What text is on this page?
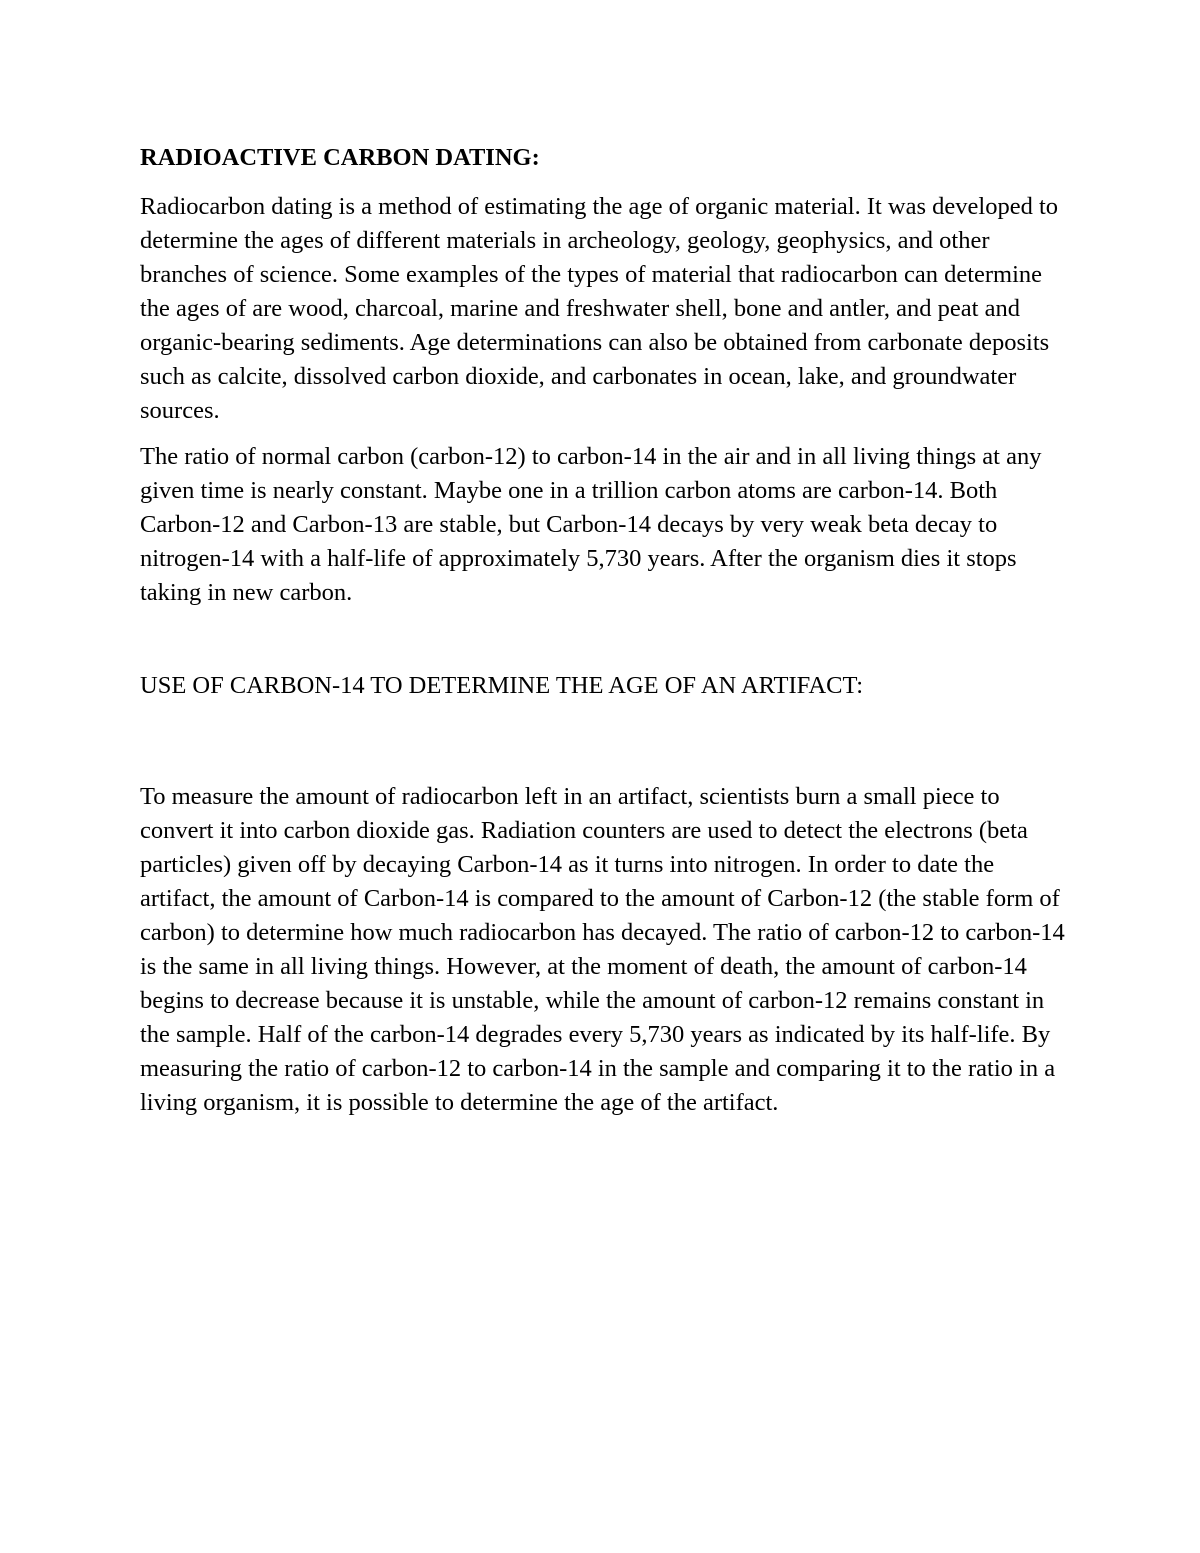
RADIOACTIVE CARBON DATING:

Radiocarbon dating is a method of estimating the age of organic material. It was developed to determine the ages of different materials in archeology, geology, geophysics, and other branches of science. Some examples of the types of material that radiocarbon can determine the ages of are wood, charcoal, marine and freshwater shell, bone and antler, and peat and organic-bearing sediments. Age determinations can also be obtained from carbonate deposits such as calcite, dissolved carbon dioxide, and carbonates in ocean, lake, and groundwater sources.

The ratio of normal carbon (carbon-12) to carbon-14 in the air and in all living things at any given time is nearly constant. Maybe one in a trillion carbon atoms are carbon-14. Both Carbon-12 and Carbon-13 are stable, but Carbon-14 decays by very weak beta decay to nitrogen-14 with a half-life of approximately 5,730 years. After the organism dies it stops taking in new carbon.

USE OF CARBON-14 TO DETERMINE THE AGE OF AN ARTIFACT:

To measure the amount of radiocarbon left in an artifact, scientists burn a small piece to convert it into carbon dioxide gas. Radiation counters are used to detect the electrons (beta particles) given off by decaying Carbon-14 as it turns into nitrogen. In order to date the artifact, the amount of Carbon-14 is compared to the amount of Carbon-12 (the stable form of carbon) to determine how much radiocarbon has decayed. The ratio of carbon-12 to carbon-14 is the same in all living things. However, at the moment of death, the amount of carbon-14 begins to decrease because it is unstable, while the amount of carbon-12 remains constant in the sample. Half of the carbon-14 degrades every 5,730 years as indicated by its half-life. By measuring the ratio of carbon-12 to carbon-14 in the sample and comparing it to the ratio in a living organism, it is possible to determine the age of the artifact.
